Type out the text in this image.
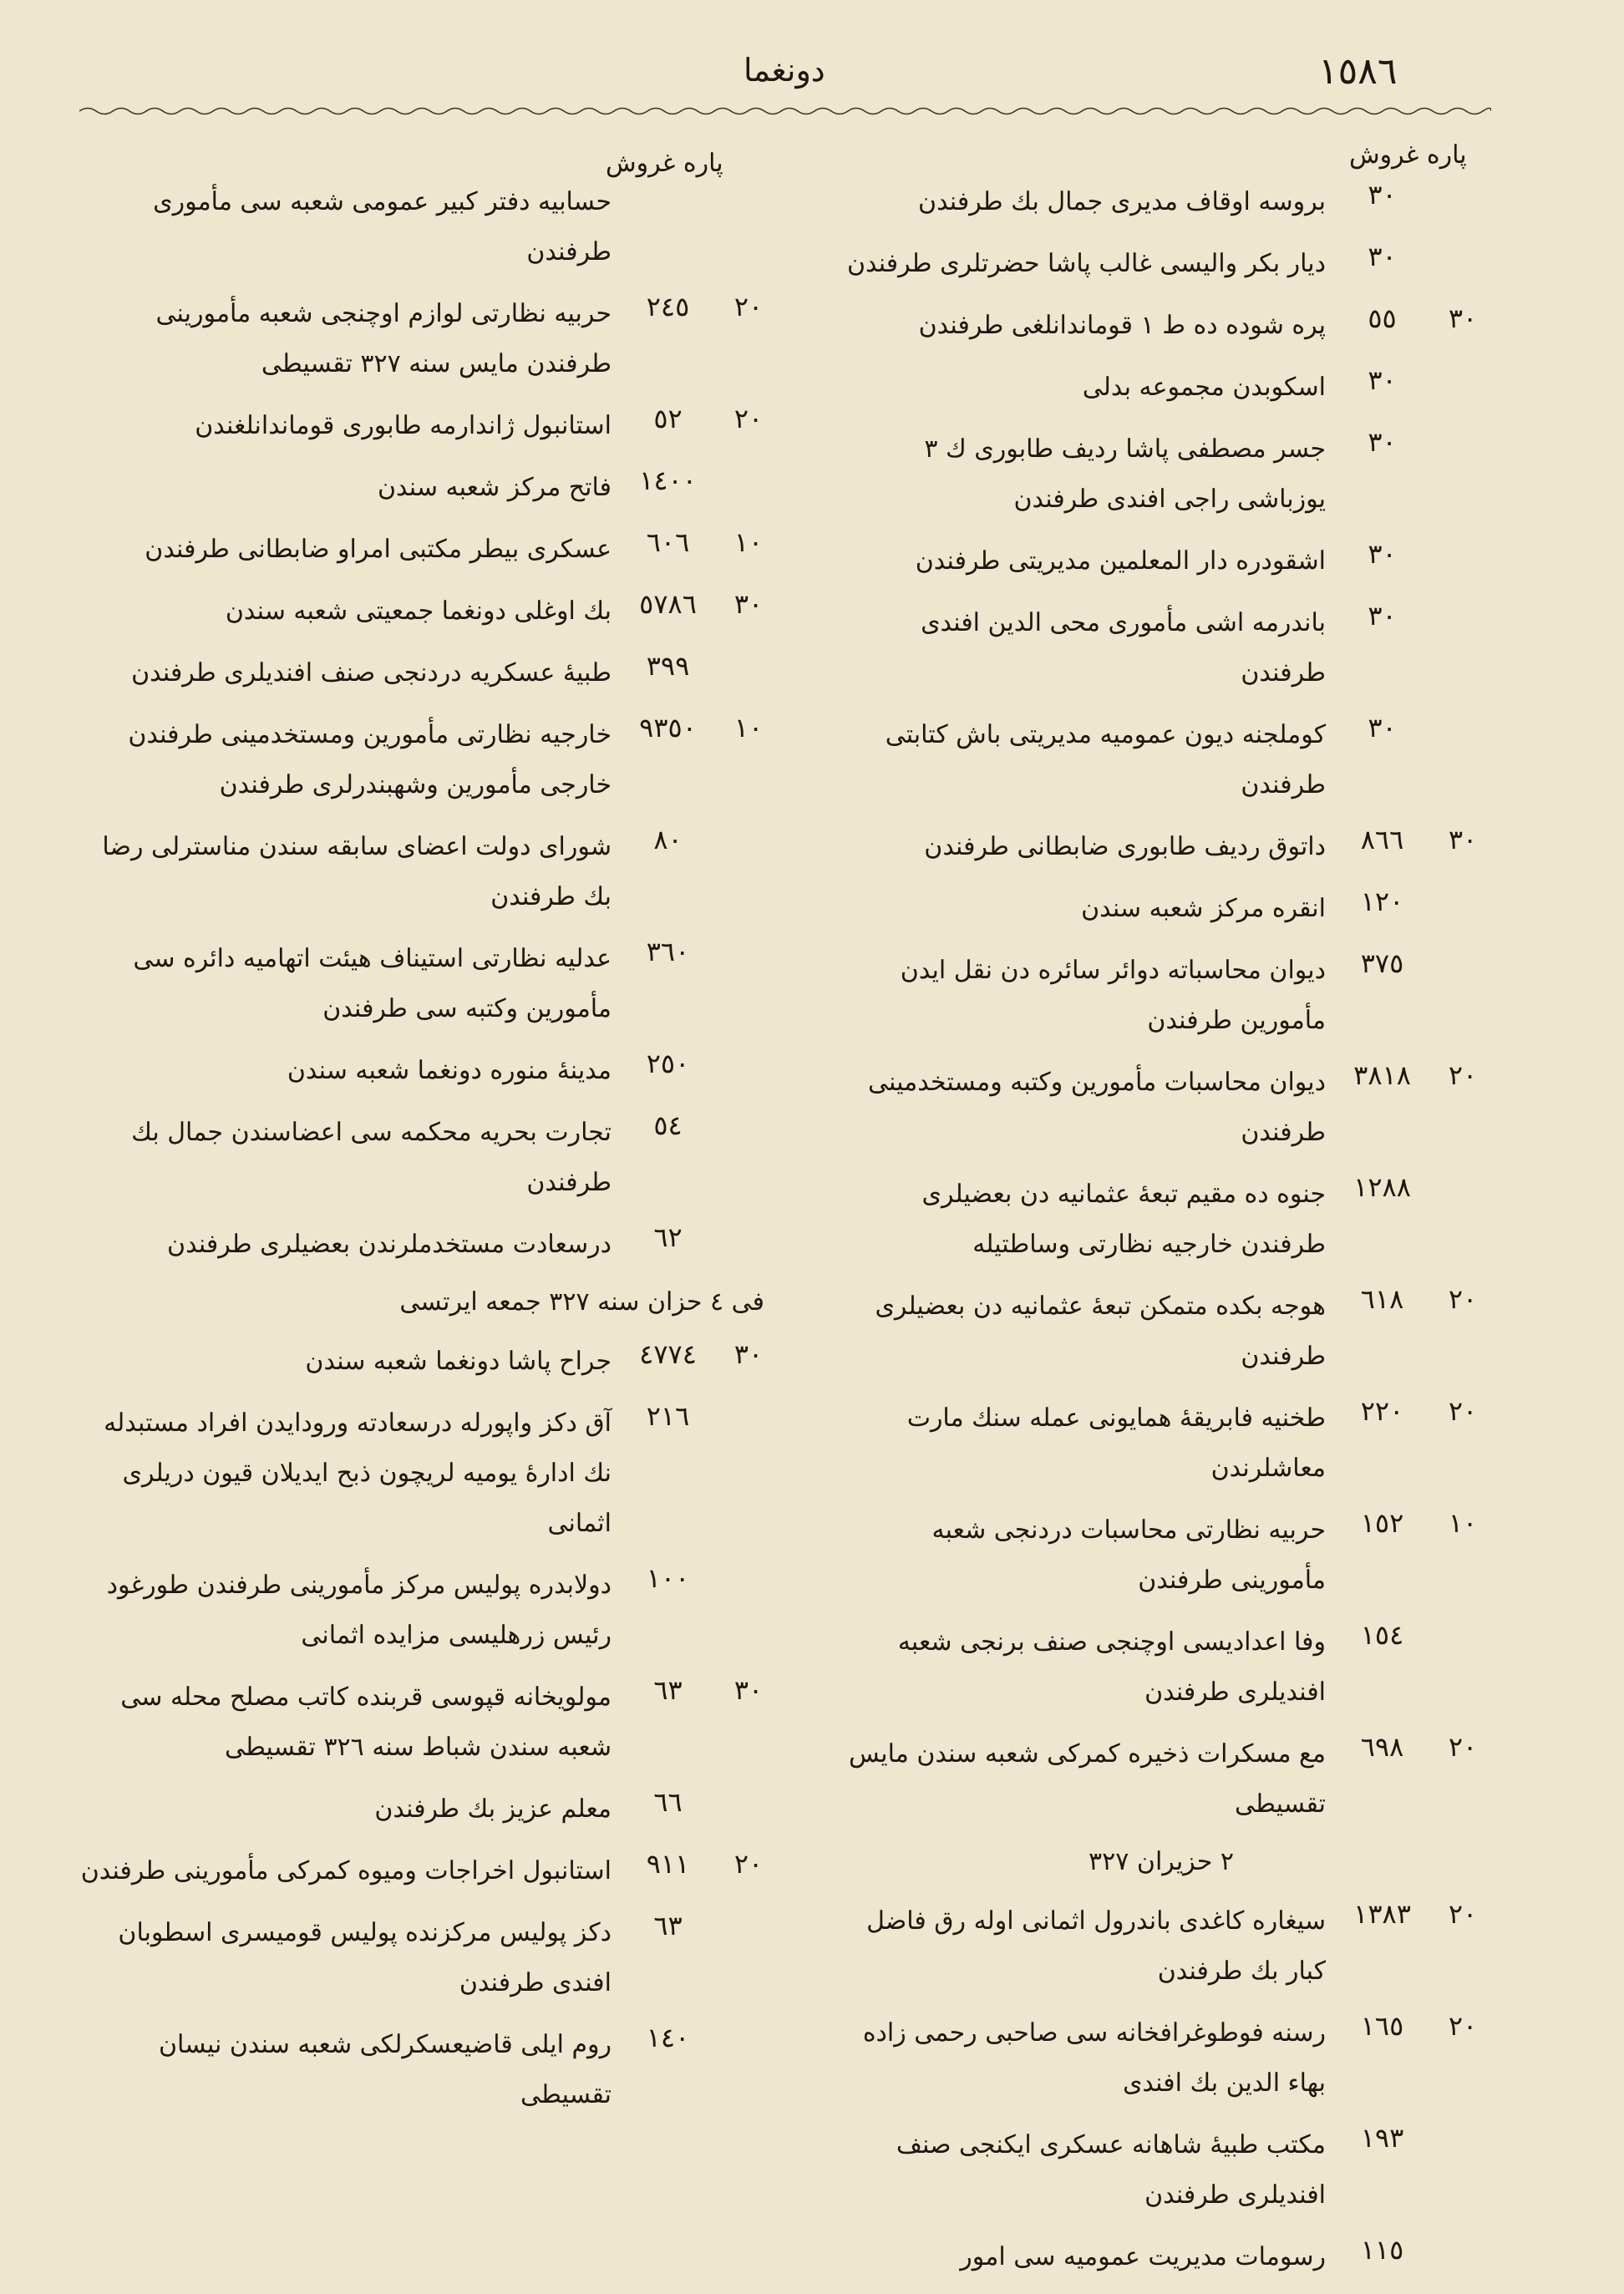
١٥٨٦
دونغما
پاره غروش
پاره غروش
٣٠
بروسه اوقاف مديرى جمال بك طرفندن
٣٠
ديار بكر واليسى غالب پاشا حضرتلرى طرفندن
٣٠
٥٥
پره شوده ده ط ١ قوماندانلغى طرفندن
٣٠
اسكوبدن مجموعه بدلى
٣٠
جسر مصطفى پاشا رديف طابورى ك ٣ يوزباشى راجى افندى طرفندن
٣٠
اشقودره دار المعلمين مديريتى طرفندن
٣٠
باندرمه اشى مأمورى محى الدين افندى طرفندن
٣٠
كوملجنه ديون عموميه مديريتى باش كتابتى طرفندن
٣٠
٨٦٦
داتوق رديف طابورى ضابطانى طرفندن
١٢٠
انقره مركز شعبه سندن
٣٧٥
ديوان محاسباته دوائر سائره دن نقل ايدن مأمورين طرفندن
٢٠
٣٨١٨
ديوان محاسبات مأمورين وكتبه ومستخدمينى طرفندن
١٢٨٨
جنوه ده مقيم تبعۀ عثمانيه دن بعضيلرى طرفندن خارجيه نظارتى وساطتيله
٢٠
٦١٨
هوجه بكده متمكن تبعۀ عثمانيه دن بعضيلرى طرفندن
٢٠
٢٢٠
طخنيه فابريقۀ همايونى عمله سنك مارت معاشلرندن
١٠
١٥٢
حربيه نظارتى محاسبات دردنجى شعبه مأمورينى طرفندن
١٥٤
وفا اعداديسى اوچنجى صنف برنجى شعبه افنديلرى طرفندن
٢٠
٦٩٨
مع مسكرات ذخيره كمركى شعبه سندن مايس تقسيطى
٢ حزيران ٣٢٧
٢٠
١٣٨٣
سيغاره كاغدى باندرول اثمانى اوله رق فاضل كبار بك طرفندن
٢٠
١٦٥
رسنه فوطوغرافخانه سى صاحبى رحمى زاده بهاء الدين بك افندى
١٩٣
مكتب طبيۀ شاهانه عسكرى ايكنجى صنف افنديلرى طرفندن
١١٥
رسومات مديريت عموميه سى امور
حسابيه دفتر كبير عمومى شعبه سى مأمورى طرفندن
٢٠
٢٤٥
حربيه نظارتى لوازم اوچنجى شعبه مأمورينى طرفندن مايس سنه ٣٢٧ تقسيطى
٢٠
٥٢
استانبول ژاندارمه طابورى قوماندانلغندن
١٤٠٠
فاتح مركز شعبه سندن
١٠
٦٠٦
عسكرى بيطر مكتبى امراو ضابطانى طرفندن
٣٠
٥٧٨٦
بك اوغلى دونغما جمعيتى شعبه سندن
٣٩٩
طبيۀ عسكريه دردنجى صنف افنديلرى طرفندن
١٠
٩٣٥٠
خارجيه نظارتى مأمورين ومستخدمينى طرفندن خارجى مأمورين وشهبندرلرى طرفندن
٨٠
شوراى دولت اعضاى سابقه سندن مناسترلى رضا بك طرفندن
٣٦٠
عدليه نظارتى استيناف هيئت اتهاميه دائره سى مأمورين وكتبه سى طرفندن
٢٥٠
مدينۀ منوره دونغما شعبه سندن
٥٤
تجارت بحريه محكمه سى اعضاسندن جمال بك طرفندن
٦٢
درسعادت مستخدملرندن بعضيلرى طرفندن
فى ٤ حزان سنه ٣٢٧ جمعه ايرتسى
٣٠
٤٧٧٤
جراح پاشا دونغما شعبه سندن
٢١٦
آق دكز واپورله درسعادته ورودايدن افراد مستبدله نك ادارۀ يوميه لريچون ذبح ايديلان قيون دريلرى اثمانى
١٠٠
دولابدره پوليس مركز مأمورينى طرفندن طورغود رئيس زرهليسى مزايده اثمانى
٣٠
٦٣
مولويخانه قپوسى قربنده كاتب مصلح محله سى شعبه سندن شباط سنه ٣٢٦ تقسيطى
٦٦
معلم عزيز بك طرفندن
٢٠
٩١١
استانبول اخراجات وميوه كمركى مأمورينى طرفندن
٦٣
دكز پوليس مركزنده پوليس قوميسرى اسطوبان افندى طرفندن
١٤٠
روم ايلى قاضيعسكرلكى شعبه سندن نيسان تقسيطى
